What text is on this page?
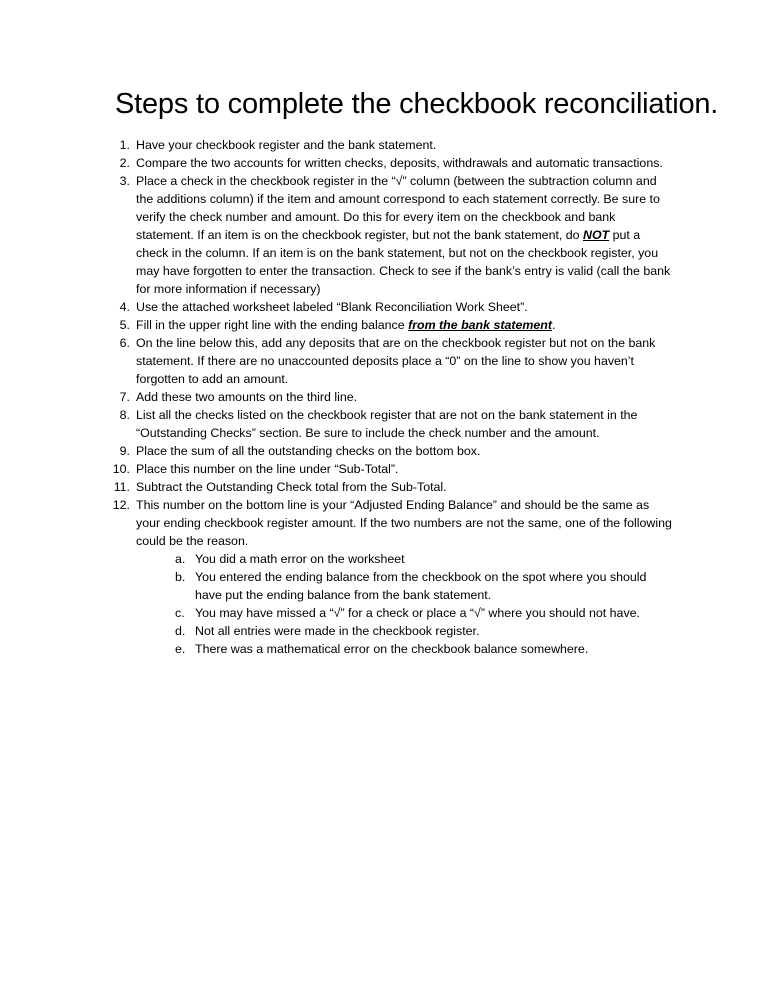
Steps to complete the checkbook reconciliation.
1. Have your checkbook register and the bank statement.
2. Compare the two accounts for written checks, deposits, withdrawals and automatic transactions.
3. Place a check in the checkbook register in the “√” column (between the subtraction column and the additions column) if the item and amount correspond to each statement correctly. Be sure to verify the check number and amount. Do this for every item on the checkbook and bank statement. If an item is on the checkbook register, but not the bank statement, do NOT put a check in the column. If an item is on the bank statement, but not on the checkbook register, you may have forgotten to enter the transaction. Check to see if the bank’s entry is valid (call the bank for more information if necessary)
4. Use the attached worksheet labeled “Blank Reconciliation Work Sheet”.
5. Fill in the upper right line with the ending balance from the bank statement.
6. On the line below this, add any deposits that are on the checkbook register but not on the bank statement. If there are no unaccounted deposits place a “0” on the line to show you haven’t forgotten to add an amount.
7. Add these two amounts on the third line.
8. List all the checks listed on the checkbook register that are not on the bank statement in the “Outstanding Checks” section. Be sure to include the check number and the amount.
9. Place the sum of all the outstanding checks on the bottom box.
10. Place this number on the line under “Sub-Total”.
11. Subtract the Outstanding Check total from the Sub-Total.
12. This number on the bottom line is your “Adjusted Ending Balance” and should be the same as your ending checkbook register amount. If the two numbers are not the same, one of the following could be the reason.
a. You did a math error on the worksheet
b. You entered the ending balance from the checkbook on the spot where you should have put the ending balance from the bank statement.
c. You may have missed a “√” for a check or place a “√” where you should not have.
d. Not all entries were made in the checkbook register.
e. There was a mathematical error on the checkbook balance somewhere.
